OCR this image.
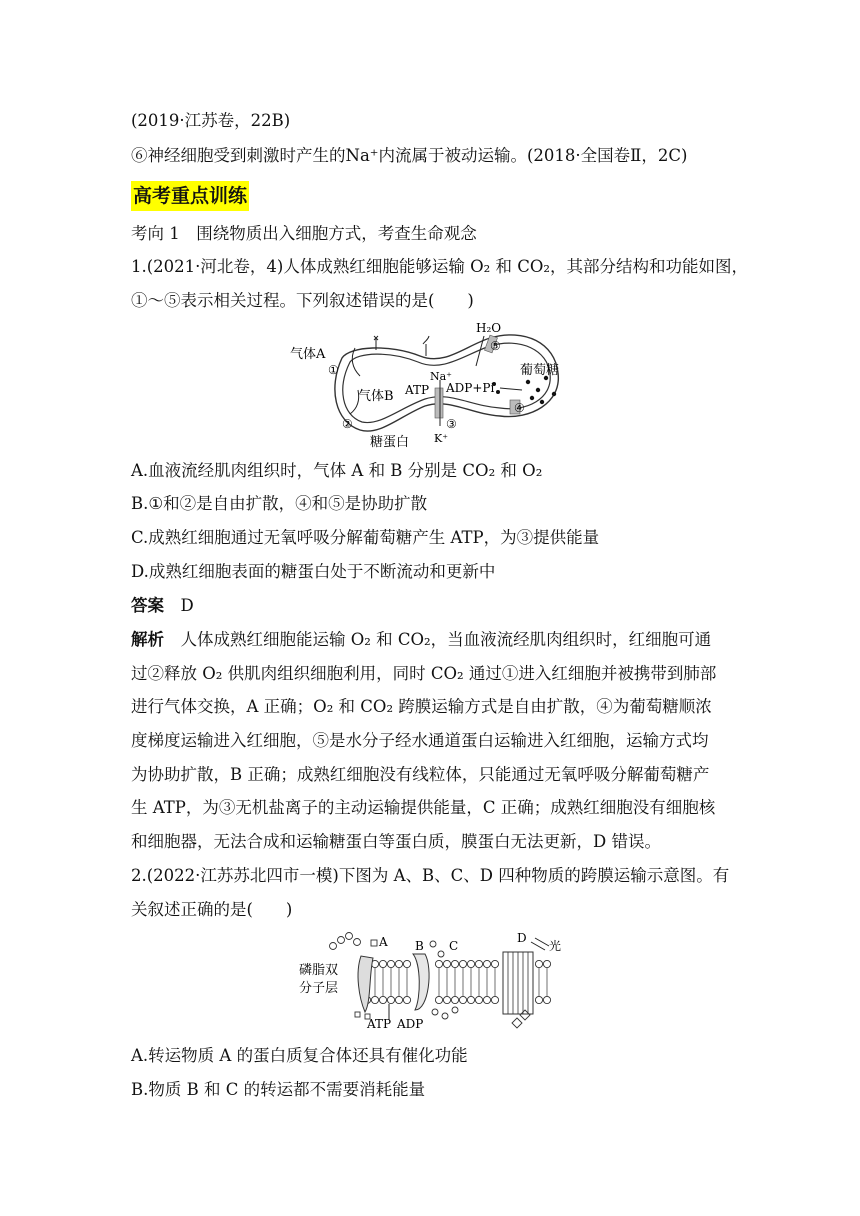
(2019·江苏卷，22B)
⑥神经细胞受到刺激时产生的Na⁺内流属于被动运输。(2018·全国卷Ⅱ，2C)
高考重点训练
考向 1　围绕物质出入细胞方式，考查生命观念
1.(2021·河北卷，4)人体成熟红细胞能够运输 O₂ 和 CO₂，其部分结构和功能如图，
①～⑤表示相关过程。下列叙述错误的是(　　)
气体A
①
气体B
②
糖蛋白
H₂O
⑤
葡萄糖
Na⁺
ATP ADP+Pi
③
K⁺
④
A.血液流经肌肉组织时，气体 A 和 B 分别是 CO₂ 和 O₂
B.①和②是自由扩散，④和⑤是协助扩散
C.成熟红细胞通过无氧呼吸分解葡萄糖产生 ATP，为③提供能量
D.成熟红细胞表面的糖蛋白处于不断流动和更新中
答案　 D
解析　 人体成熟红细胞能运输 O₂ 和 CO₂，当血液流经肌肉组织时，红细胞可通
过②释放 O₂ 供肌肉组织细胞利用，同时 CO₂ 通过①进入红细胞并被携带到肺部
进行气体交换，A 正确；O₂ 和 CO₂ 跨膜运输方式是自由扩散，④为葡萄糖顺浓
度梯度运输进入红细胞，⑤是水分子经水通道蛋白运输进入红细胞，运输方式均
为协助扩散，B 正确；成熟红细胞没有线粒体，只能通过无氧呼吸分解葡萄糖产
生 ATP，为③无机盐离子的主动运输提供能量，C 正确；成熟红细胞没有细胞核
和细胞器，无法合成和运输糖蛋白等蛋白质，膜蛋白无法更新，D 错误。
2.(2022·江苏苏北四市一模)下图为 A、B、C、D 四种物质的跨膜运输示意图。有
关叙述正确的是(　　)
A B C
D
光
磷脂双
分子层
ATP ADP
A.转运物质 A 的蛋白质复合体还具有催化功能
B.物质 B 和 C 的转运都不需要消耗能量
